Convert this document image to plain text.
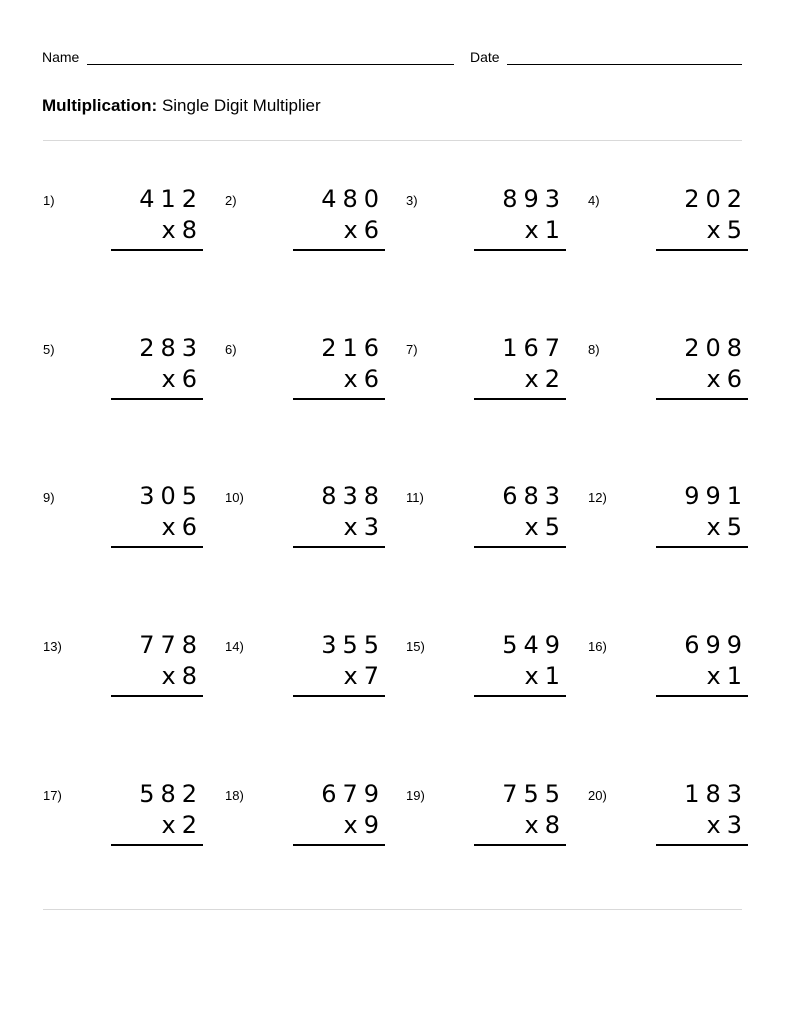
Name	Date
Multiplication: Single Digit Multiplier
1)	412
x8
2)	480
x6
3)	893
x1
4)	202
x5
5)	283
x6
6)	216
x6
7)	167
x2
8)	208
x6
9)	305
x6
10)	838
x3
11)	683
x5
12)	991
x5
13)	778
x8
14)	355
x7
15)	549
x1
16)	699
x1
17)	582
x2
18)	679
x9
19)	755
x8
20)	183
x3
